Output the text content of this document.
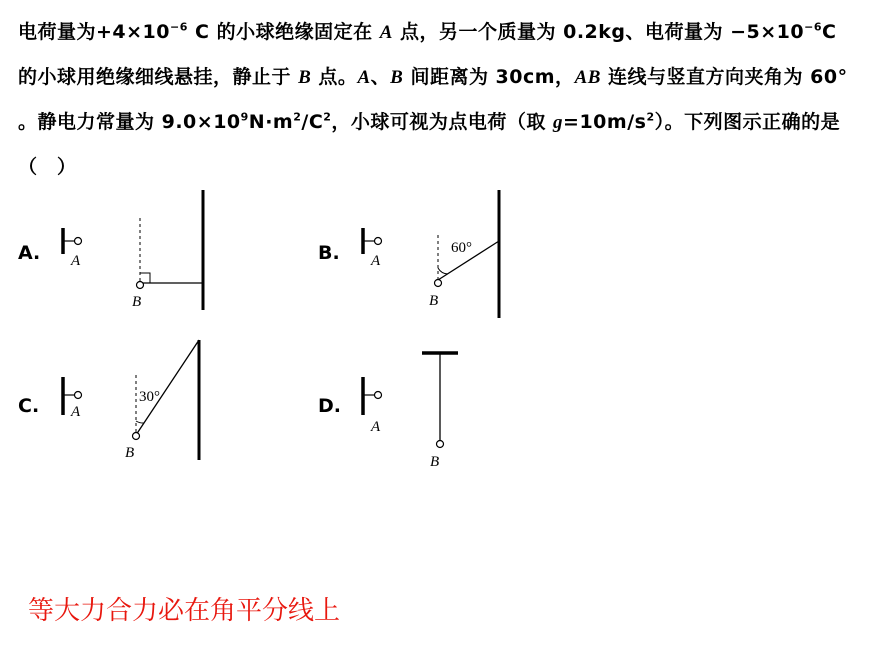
电荷量为$+4\times 10^{-6}$ C 的小球绝缘固定在 A 点，另一个质量为 0.2kg、电荷量为 $-5\times 10^{-6}C$ 的小球用绝缘细线悬挂，静止于 B 点。A、B 间距离为 30cm，AB 连线与竖直方向夹角为 60° 。静电力常量为 $9.0\times 10^9N\cdot m^2/C^2$，小球可视为点电荷（取 $g=10m/s^2$）。下列图示正确的是（　）
A. A
B
B. A
60°
B
C. A
30°
B
D.
A
B
等大力合力必在角平分线上
